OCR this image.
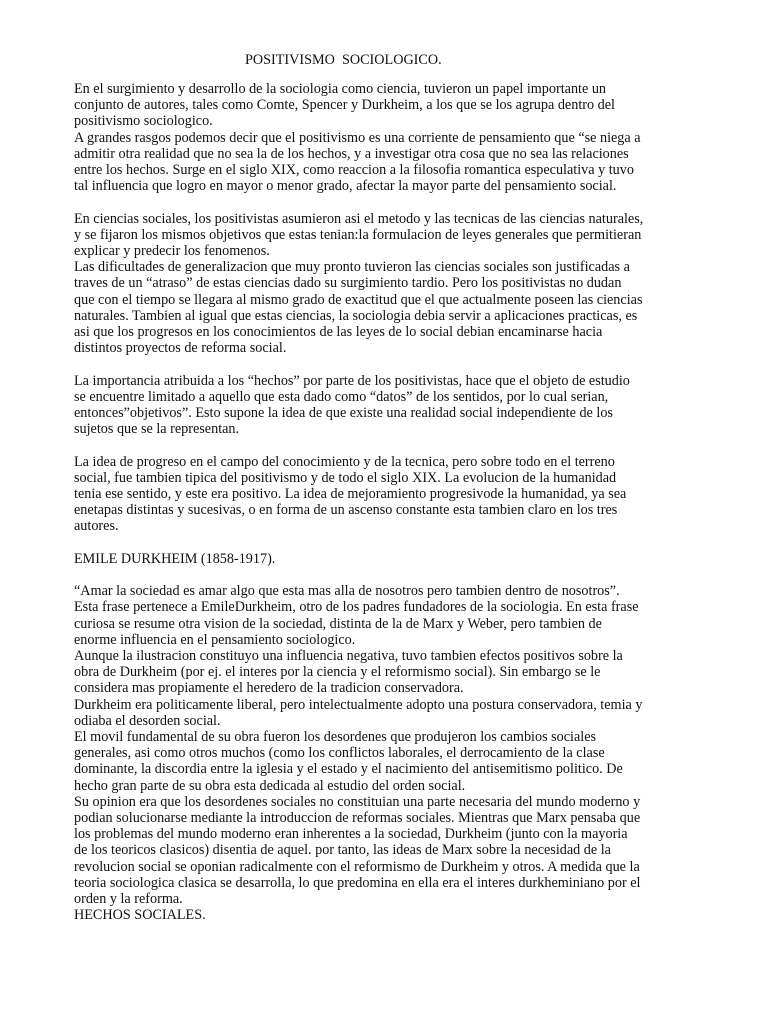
POSITIVISMO  SOCIOLOGICO.

En el surgimiento y desarrollo de la sociologia como ciencia, tuvieron un papel importante un

conjunto de autores, tales como Comte, Spencer y Durkheim, a los que se los agrupa dentro del

positivismo sociologico.

A grandes rasgos podemos decir que el positivismo es una corriente de pensamiento que “se niega a

admitir otra realidad que no sea la de los hechos, y a investigar otra cosa que no sea las relaciones

entre los hechos. Surge en el siglo XIX, como reaccion a la filosofia romantica especulativa y tuvo

tal influencia que logro en mayor o menor grado, afectar la mayor parte del pensamiento social.

En ciencias sociales, los positivistas asumieron asi el metodo y las tecnicas de las ciencias naturales,

y se fijaron los mismos objetivos que estas tenian:la formulacion de leyes generales que permitieran

explicar y predecir los fenomenos.

Las dificultades de generalizacion que muy pronto tuvieron las ciencias sociales son justificadas a

traves de un “atraso” de estas ciencias dado su surgimiento tardio. Pero los positivistas no dudan

que con el tiempo se llegara al mismo grado de exactitud que el que actualmente poseen las ciencias

naturales. Tambien al igual que estas ciencias, la sociologia debia servir a aplicaciones practicas, es

asi que los progresos en los conocimientos de las leyes de lo social debian encaminarse hacia

distintos proyectos de reforma social.

La importancia atribuida a los “hechos” por parte de los positivistas, hace que el objeto de estudio

se encuentre limitado a aquello que esta dado como “datos” de los sentidos, por lo cual serian,

entonces”objetivos”. Esto supone la idea de que existe una realidad social independiente de los

sujetos que se la representan.

La idea de progreso en el campo del conocimiento y de la tecnica, pero sobre todo en el terreno

social, fue tambien tipica del positivismo y de todo el siglo XIX. La evolucion de la humanidad

tenia ese sentido, y este era positivo. La idea de mejoramiento progresivode la humanidad, ya sea

enetapas distintas y sucesivas, o en forma de un ascenso constante esta tambien claro en los tres

autores.

EMILE DURKHEIM (1858-1917).

“Amar la sociedad es amar algo que esta mas alla de nosotros pero tambien dentro de nosotros”.

Esta frase pertenece a EmileDurkheim, otro de los padres fundadores de la sociologia. En esta frase

curiosa se resume otra vision de la sociedad, distinta de la de Marx y Weber, pero tambien de

enorme influencia en el pensamiento sociologico.

Aunque la ilustracion constituyo una influencia negativa, tuvo tambien efectos positivos sobre la

obra de Durkheim (por ej. el interes por la ciencia y el reformismo social). Sin embargo se le

considera mas propiamente el heredero de la tradicion conservadora.

Durkheim era politicamente liberal, pero intelectualmente adopto una postura conservadora, temia y

odiaba el desorden social.

El movil fundamental de su obra fueron los desordenes que produjeron los cambios sociales

generales, asi como otros muchos (como los conflictos laborales, el derrocamiento de la clase

dominante, la discordia entre la iglesia y el estado y el nacimiento del antisemitismo politico. De

hecho gran parte de su obra esta dedicada al estudio del orden social.

Su opinion era que los desordenes sociales no constituian una parte necesaria del mundo moderno y

podian solucionarse mediante la introduccion de reformas sociales. Mientras que Marx pensaba que

los problemas del mundo moderno eran inherentes a la sociedad, Durkheim (junto con la mayoria

de los teoricos clasicos) disentia de aquel. por tanto, las ideas de Marx sobre la necesidad de la

revolucion social se oponian radicalmente con el reformismo de Durkheim y otros. A medida que la

teoria sociologica clasica se desarrolla, lo que predomina en ella era el interes durkheminiano por el

orden y la reforma.

HECHOS SOCIALES.
